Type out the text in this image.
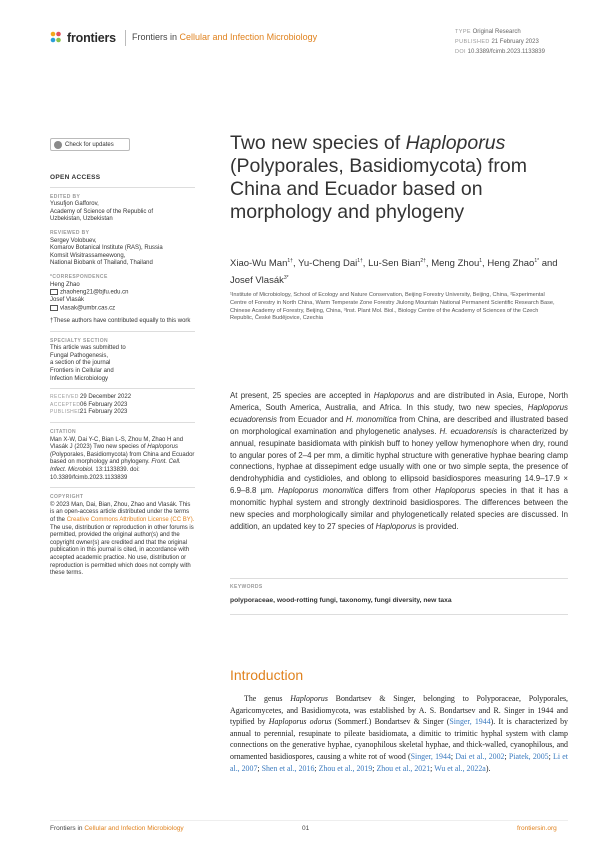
frontiers Frontiers in Cellular and Infection Microbiology	TYPE Original Research
PUBLISHED 21 February 2023
DOI 10.3389/fcimb.2023.1133839
Check for updates
OPEN ACCESS
EDITED BY
Yusufjon Gafforov,
Academy of Science of the Republic of
Uzbekistan, Uzbekistan
REVIEWED BY
Sergey Volobuev,
Komarov Botanical Institute (RAS), Russia
Komsit Wisitrassameewong,
National Biobank of Thailand, Thailand
*CORRESPONDENCE
Heng Zhao
zhaoheng21@bjfu.edu.cn
Josef Vlasák
vlasak@umbr.cas.cz
†These authors have contributed equally to this work
SPECIALTY SECTION
This article was submitted to
Fungal Pathogenesis,
a section of the journal
Frontiers in Cellular and
Infection Microbiology
RECEIVED29 December 2022
ACCEPTED06 February 2023
PUBLISHED21 February 2023
CITATION
Man X-W, Dai Y-C, Bian L-S, Zhou M, Zhao H and Vlasák J (2023) Two new species of Haploporus (Polyporales, Basidiomycota) from China and Ecuador based on morphology and phylogeny. Front. Cell. Infect. Microbiol. 13:1133839. doi: 10.3389/fcimb.2023.1133839
COPYRIGHT
© 2023 Man, Dai, Bian, Zhou, Zhao and Vlasák. This is an open-access article distributed under the terms of the Creative Commons Attribution License (CC BY). The use, distribution or reproduction in other forums is permitted, provided the original author(s) and the copyright owner(s) are credited and that the original publication in this journal is cited, in accordance with accepted academic practice. No use, distribution or reproduction is permitted which does not comply with these terms.
Two new species of Haploporus (Polyporales, Basidiomycota) from China and Ecuador based on morphology and phylogeny
Xiao-Wu Man$^{1\dagger}$, Yu-Cheng Dai$^{1\dagger}$, Lu-Sen Bian$^{2\dagger}$, Meng Zhou$^1$, Heng Zhao$^{1*}$ and Josef Vlasák$^{3*}$
¹Institute of Microbiology, School of Ecology and Nature Conservation, Beijing Forestry University, Beijing, China, ²Experimental Centre of Forestry in North China, Warm Temperate Zone Forestry Jiulong Mountain National Permanent Scientific Research Base, Chinese Academy of Forestry, Beijing, China, ³Inst. Plant Mol. Biol., Biology Centre of the Academy of Sciences of the Czech Republic, České Budějovice, Czechia
At present, 25 species are accepted in Haploporus and are distributed in Asia, Europe, North America, South America, Australia, and Africa. In this study, two new species, Haploporus ecuadorensis from Ecuador and H. monomitica from China, are described and illustrated based on morphological examination and phylogenetic analyses. H. ecuadorensis is characterized by annual, resupinate basidiomata with pinkish buff to honey yellow hymenophore when dry, round to angular pores of 2–4 per mm, a dimitic hyphal structure with generative hyphae bearing clamp connections, hyphae at dissepiment edge usually with one or two simple septa, the presence of dendrohyphidia and cystidioles, and oblong to ellipsoid basidiospores measuring 14.9–17.9 × 6.9–8.8 µm. Haploporus monomitica differs from other Haploporus species in that it has a monomitic hyphal system and strongly dextrinoid basidiospores. The differences between the new species and morphologically similar and phylogenetically related species are discussed. In addition, an updated key to 27 species of Haploporus is provided.
KEYWORDS
polyporaceae, wood-rotting fungi, taxonomy, fungi diversity, new taxa
Introduction
The genus Haploporus Bondartsev & Singer, belonging to Polyporaceae, Polyporales, Agaricomycetes, and Basidiomycota, was established by A. S. Bondartsev and R. Singer in 1944 and typified by Haploporus odorus (Sommerf.) Bondartsev & Singer (Singer, 1944). It is characterized by annual to perennial, resupinate to pileate basidiomata, a dimitic to trimitic hyphal system with clamp connections on the generative hyphae, cyanophilous skeletal hyphae, and thick-walled, cyanophilous, and ornamented basidiospores, causing a white rot of wood (Singer, 1944; Dai et al., 2002; Piatek, 2005; Li et al., 2007; Shen et al., 2016; Zhou et al., 2019; Zhou et al., 2021; Wu et al., 2022a).
Frontiers in Cellular and Infection Microbiology	01	frontiersin.org
